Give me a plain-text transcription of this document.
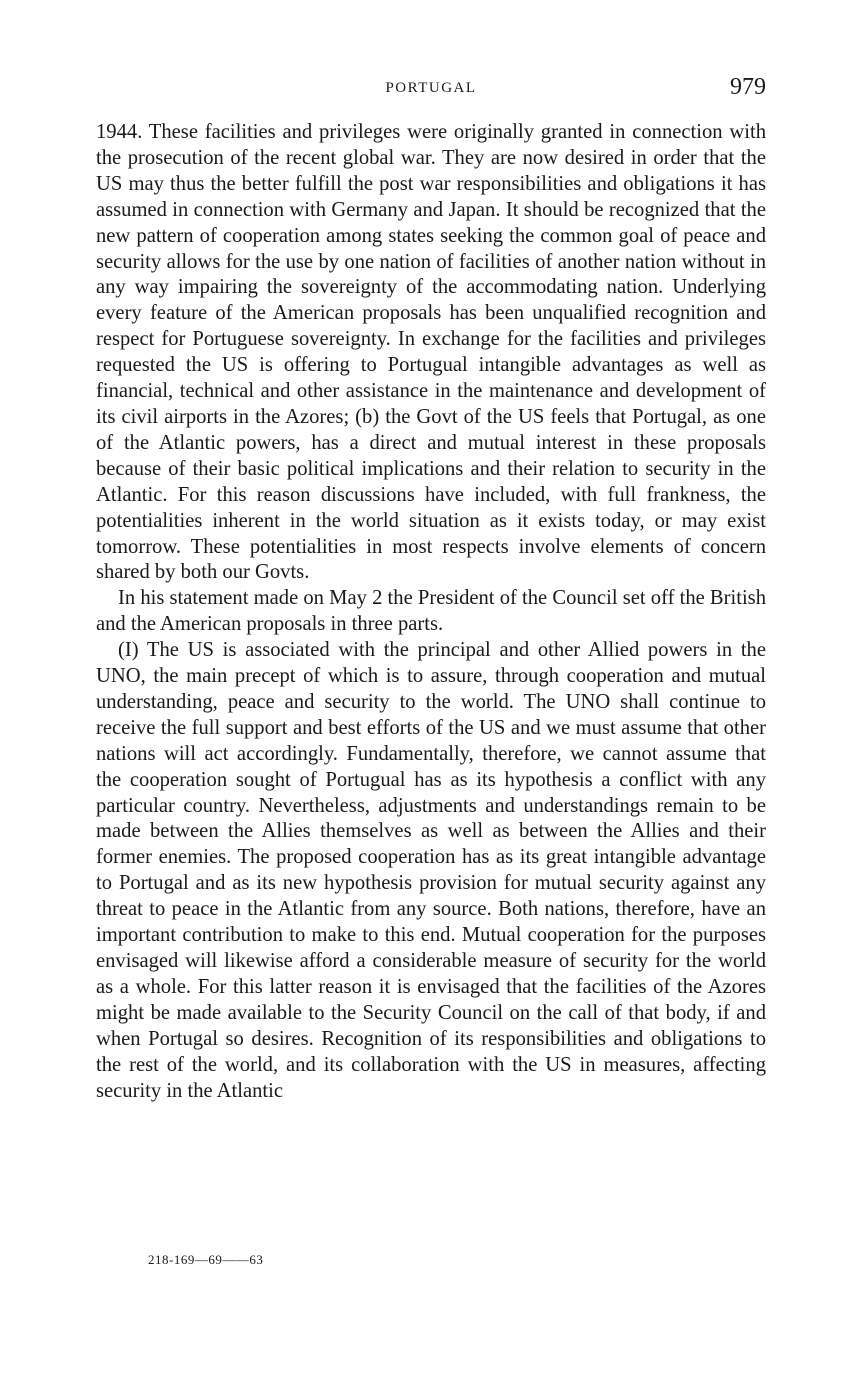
PORTUGAL	979

1944. These facilities and privileges were originally granted in connection with the prosecution of the recent global war. They are now desired in order that the US may thus the better fulfill the post war responsibilities and obligations it has assumed in connection with Germany and Japan. It should be recognized that the new pattern of cooperation among states seeking the common goal of peace and security allows for the use by one nation of facilities of another nation without in any way impairing the sovereignty of the accommodating nation. Underlying every feature of the American proposals has been unqualified recognition and respect for Portuguese sovereignty. In exchange for the facilities and privileges requested the US is offering to Portugual intangible advantages as well as financial, technical and other assistance in the maintenance and development of its civil airports in the Azores; (b) the Govt of the US feels that Portugal, as one of the Atlantic powers, has a direct and mutual interest in these proposals because of their basic political implications and their relation to security in the Atlantic. For this reason discussions have included, with full frankness, the potentialities inherent in the world situation as it exists today, or may exist tomorrow. These potentialities in most respects involve elements of concern shared by both our Govts.

In his statement made on May 2 the President of the Council set off the British and the American proposals in three parts.

(I) The US is associated with the principal and other Allied powers in the UNO, the main precept of which is to assure, through cooperation and mutual understanding, peace and security to the world. The UNO shall continue to receive the full support and best efforts of the US and we must assume that other nations will act accordingly. Fundamentally, therefore, we cannot assume that the cooperation sought of Portugual has as its hypothesis a conflict with any particular country. Nevertheless, adjustments and understandings remain to be made between the Allies themselves as well as between the Allies and their former enemies. The proposed cooperation has as its great intangible advantage to Portugal and as its new hypothesis provision for mutual security against any threat to peace in the Atlantic from any source. Both nations, therefore, have an important contribution to make to this end. Mutual cooperation for the purposes envisaged will likewise afford a considerable measure of security for the world as a whole. For this latter reason it is envisaged that the facilities of the Azores might be made available to the Security Council on the call of that body, if and when Portugal so desires. Recognition of its responsibilities and obligations to the rest of the world, and its collaboration with the US in measures, affecting security in the Atlantic

218-169—69——63
